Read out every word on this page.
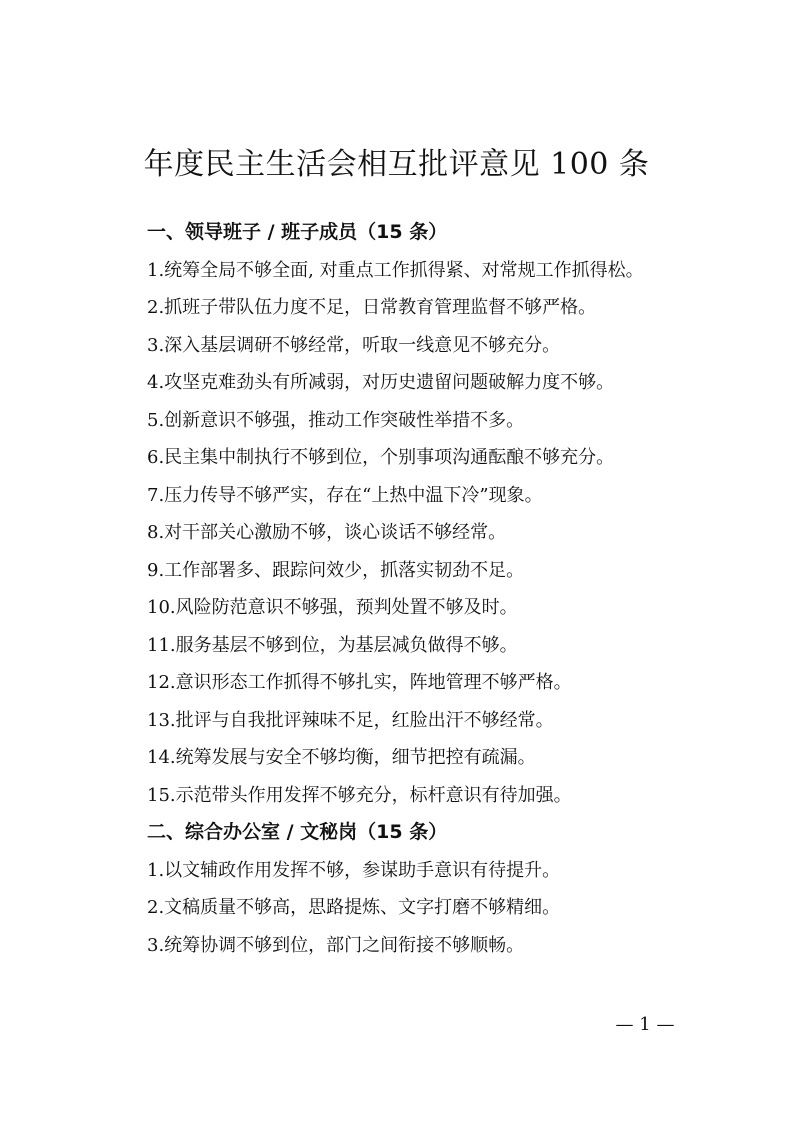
年度民主生活会相互批评意见 100 条
一、领导班子 / 班子成员（15 条）
1.统筹全局不够全面, 对重点工作抓得紧、对常规工作抓得松。
2.抓班子带队伍力度不足，日常教育管理监督不够严格。
3.深入基层调研不够经常，听取一线意见不够充分。
4.攻坚克难劲头有所减弱，对历史遗留问题破解力度不够。
5.创新意识不够强，推动工作突破性举措不多。
6.民主集中制执行不够到位，个别事项沟通酝酿不够充分。
7.压力传导不够严实，存在“上热中温下冷”现象。
8.对干部关心激励不够，谈心谈话不够经常。
9.工作部署多、跟踪问效少，抓落实韧劲不足。
10.风险防范意识不够强，预判处置不够及时。
11.服务基层不够到位，为基层减负做得不够。
12.意识形态工作抓得不够扎实，阵地管理不够严格。
13.批评与自我批评辣味不足，红脸出汗不够经常。
14.统筹发展与安全不够均衡，细节把控有疏漏。
15.示范带头作用发挥不够充分，标杆意识有待加强。
二、综合办公室 / 文秘岗（15 条）
1.以文辅政作用发挥不够，参谋助手意识有待提升。
2.文稿质量不够高，思路提炼、文字打磨不够精细。
3.统筹协调不够到位，部门之间衔接不够顺畅。
— 1 —
